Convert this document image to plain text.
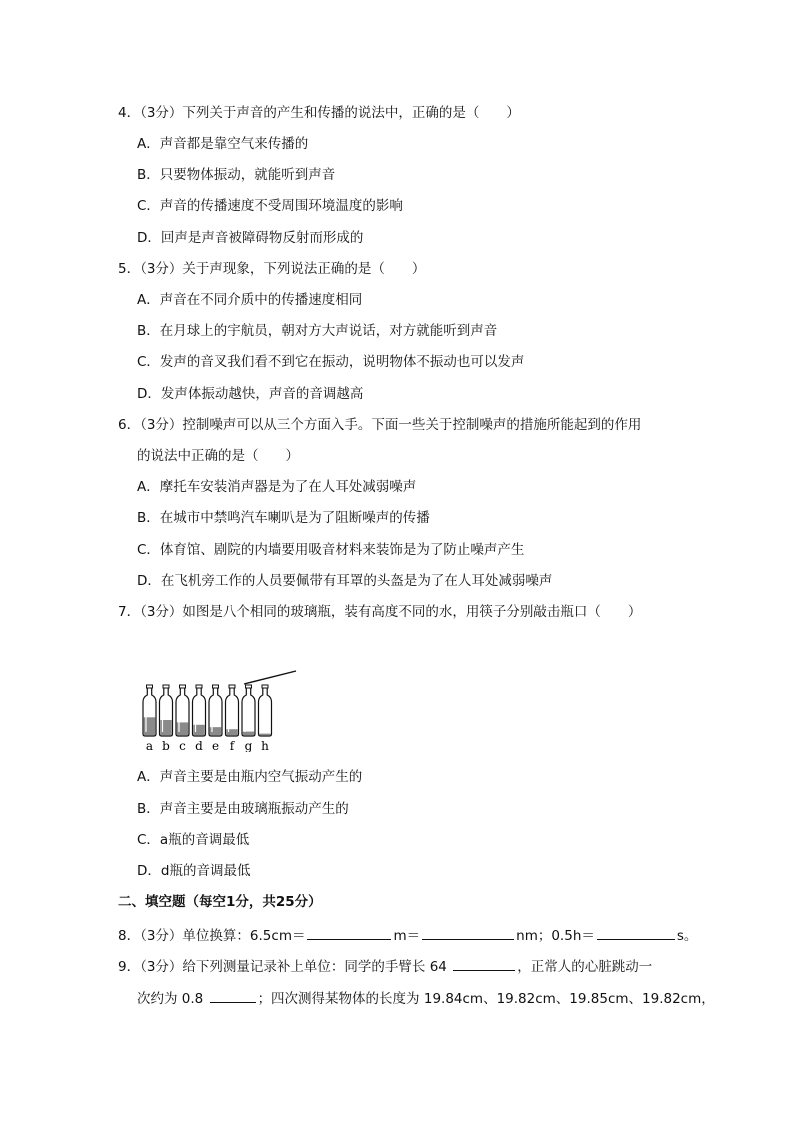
4．（3分）下列关于声音的产生和传播的说法中，正确的是（　　）
A．声音都是靠空气来传播的
B．只要物体振动，就能听到声音
C．声音的传播速度不受周围环境温度的影响
D．回声是声音被障碍物反射而形成的
5．（3分）关于声现象，下列说法正确的是（　　）
A．声音在不同介质中的传播速度相同
B．在月球上的宇航员，朝对方大声说话，对方就能听到声音
C．发声的音叉我们看不到它在振动，说明物体不振动也可以发声
D．发声体振动越快，声音的音调越高
6．（3分）控制噪声可以从三个方面入手。下面一些关于控制噪声的措施所能起到的作用
的说法中正确的是（　　）
A．摩托车安装消声器是为了在人耳处减弱噪声
B．在城市中禁鸣汽车喇叭是为了阻断噪声的传播
C．体育馆、剧院的内墙要用吸音材料来装饰是为了防止噪声产生
D．在飞机旁工作的人员要佩带有耳罩的头盔是为了在人耳处减弱噪声
7．（3分）如图是八个相同的玻璃瓶，装有高度不同的水，用筷子分别敲击瓶口（　　）
a b c d e f g h
A．声音主要是由瓶内空气振动产生的
B．声音主要是由玻璃瓶振动产生的
C．a瓶的音调最低
D．d瓶的音调最低
二、填空题（每空1分，共25分）
8．（3分）单位换算：6.5cm＝	m＝	nm；0.5h＝	s。
9．（3分）给下列测量记录补上单位：同学的手臂长 64	，正常人的心脏跳动一
次约为 0.8	；四次测得某物体的长度为 19.84cm、19.82cm、19.85cm、19.82cm，
